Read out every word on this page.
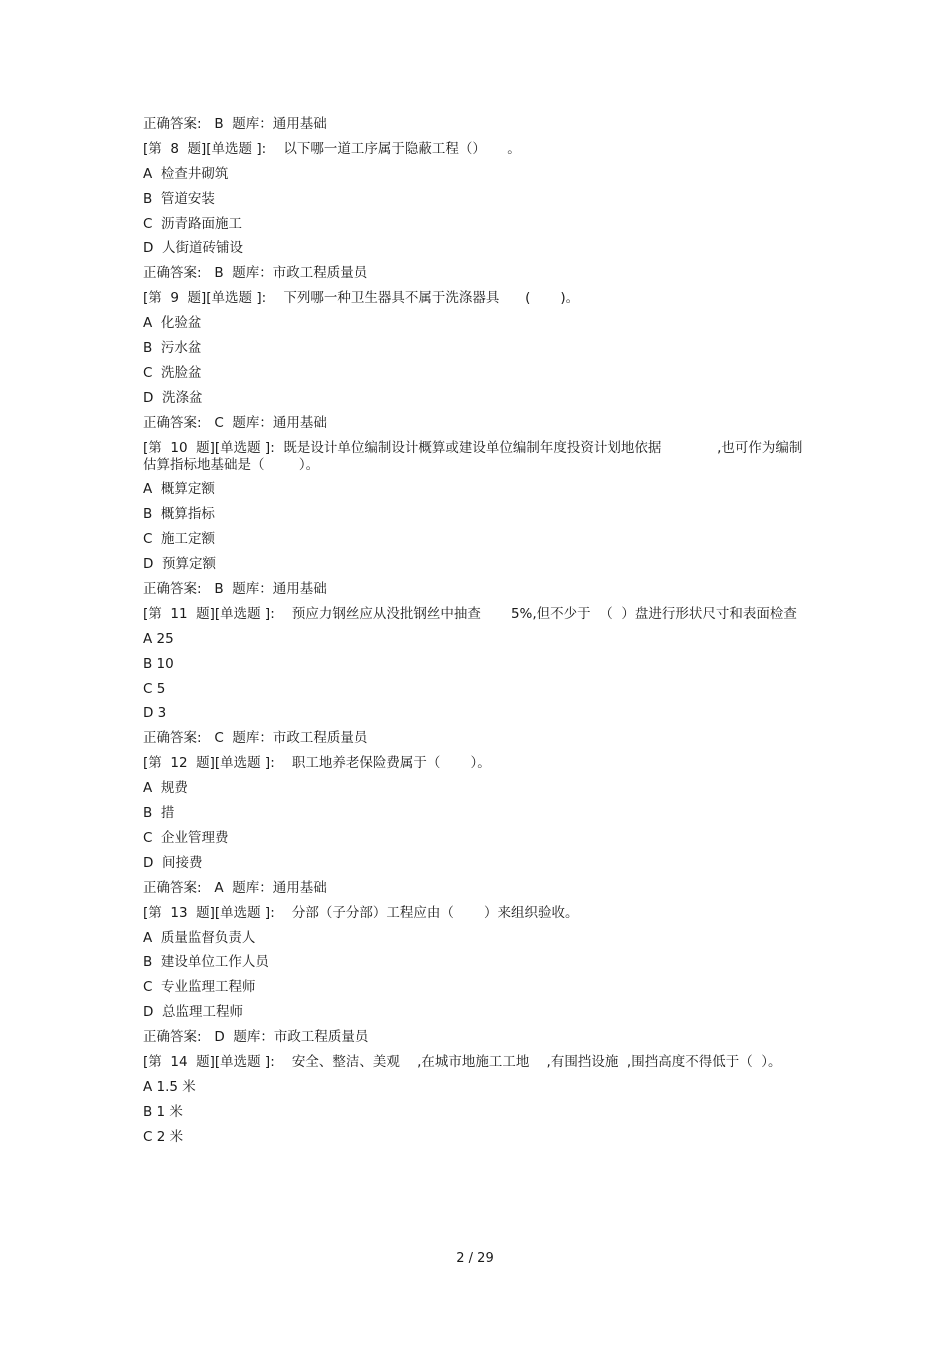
正确答案:   B  题库：通用基础
[第  8  题][单选题 ]:    以下哪一道工序属于隐蔽工程（）     。
A  检查井砌筑
B  管道安装
C  沥青路面施工
D  人街道砖铺设
正确答案:   B  题库：市政工程质量员
[第  9  题][单选题 ]:    下列哪一种卫生器具不属于洗涤器具      (       )。
A  化验盆
B  污水盆
C  洗脸盆
D  洗涤盆
正确答案:   C  题库：通用基础
[第  10  题][单选题 ]:  既是设计单位编制设计概算或建设单位编制年度投资计划地依据             ,也可作为编制估算指标地基础是（        ）。
A  概算定额
B  概算指标
C  施工定额
D  预算定额
正确答案:   B  题库：通用基础
[第  11  题][单选题 ]:    预应力钢丝应从没批钢丝中抽查       5%,但不少于  （  ）盘进行形状尺寸和表面检查
A 25
B 10
C 5
D 3
正确答案:   C  题库：市政工程质量员
[第  12  题][单选题 ]:    职工地养老保险费属于（       ）。
A  规费
B  措
C  企业管理费
D  间接费
正确答案:   A  题库：通用基础
[第  13  题][单选题 ]:    分部（子分部）工程应由（       ）来组织验收。
A  质量监督负责人
B  建设单位工作人员
C  专业监理工程师
D  总监理工程师
正确答案:   D  题库：市政工程质量员
[第  14  题][单选题 ]:    安全、整洁、美观    ,在城市地施工工地    ,有围挡设施  ,围挡高度不得低于（  ）。
A 1.5 米
B 1 米
C 2 米
2 / 29
